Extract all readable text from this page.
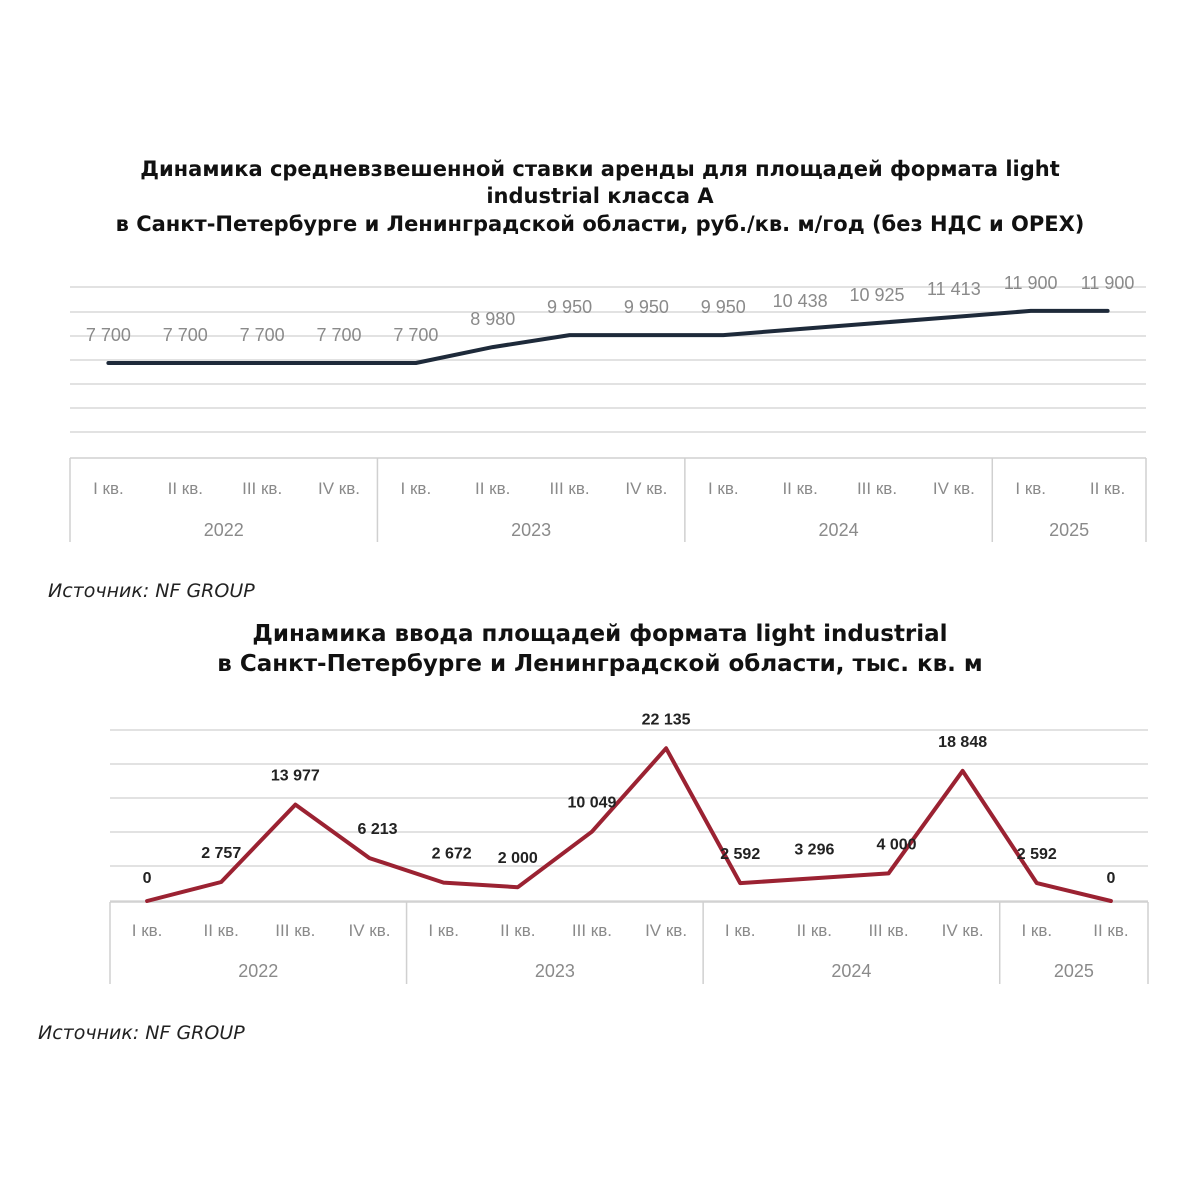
Динамика средневзвешенной ставки аренды для площадей формата light
industrial класса А
в Санкт-Петербурге и Ленинградской области, руб./кв. м/год (без НДС и OPEX)
I кв.	II кв. III кв. IV кв. I кв.	II кв. III кв. IV кв. I кв.	II кв. III кв. IV кв. I кв.	II кв.
2022	2023	2024	2025
7 700 7 700 7 700 7 700 7 700
8 980
9 950 9 950 9 950 10 438 10 925 11 413 11 900 11 900
Источник: NF GROUP
Динамика ввода площадей формата light industrial
в Санкт-Петербурге и Ленинградской области, тыс. кв. м
I кв. II кв. III кв. IV кв. I кв. II кв. III кв. IV кв. I кв. II кв. III кв. IV кв. I кв. II кв.
2022	2023	2024	2025
0
2 757
13 977
6 213
2 672 2 000
10 049
22 135
2 592 3 296	4 000
18 848
2 592
0
Источник: NF GROUP
